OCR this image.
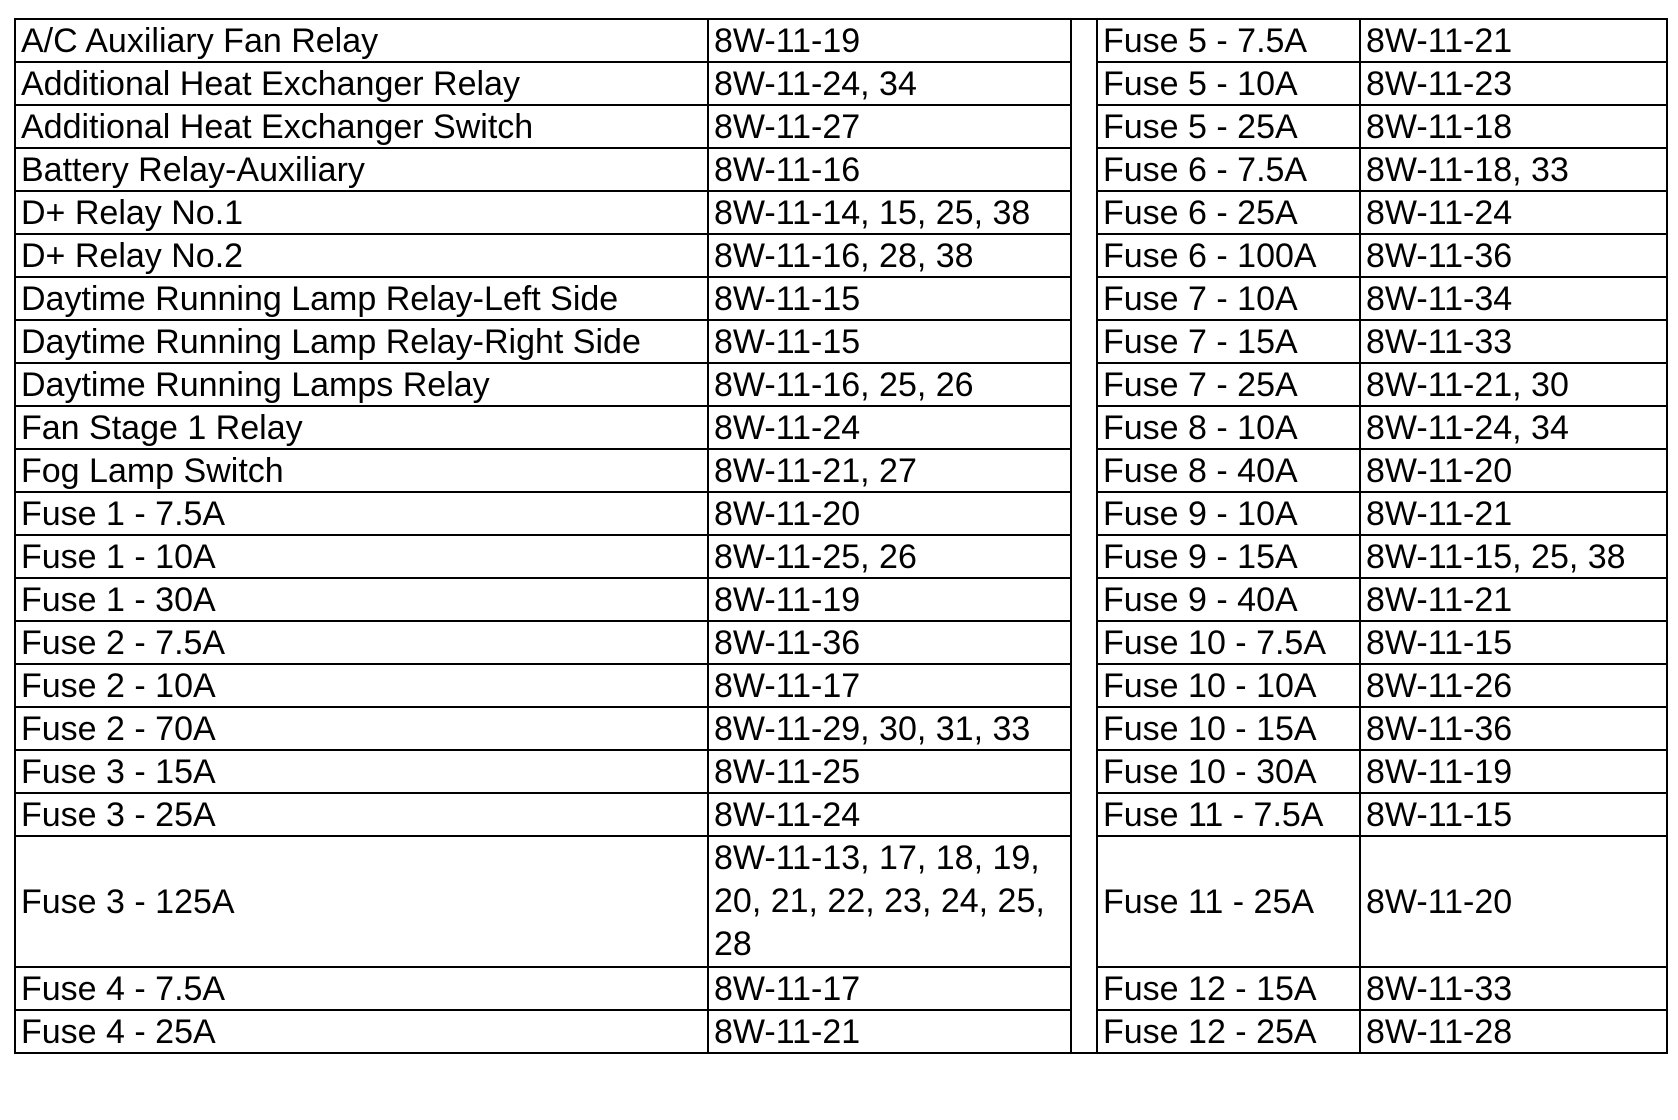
A/C Auxiliary Fan Relay	8W-11-19		Fuse 5 - 7.5A	8W-11-21
Additional Heat Exchanger Relay	8W-11-24, 34		Fuse 5 - 10A	8W-11-23
Additional Heat Exchanger Switch	8W-11-27		Fuse 5 - 25A	8W-11-18
Battery Relay-Auxiliary	8W-11-16		Fuse 6 - 7.5A	8W-11-18, 33
D+ Relay No.1	8W-11-14, 15, 25, 38		Fuse 6 - 25A	8W-11-24
D+ Relay No.2	8W-11-16, 28, 38		Fuse 6 - 100A	8W-11-36
Daytime Running Lamp Relay-Left Side	8W-11-15		Fuse 7 - 10A	8W-11-34
Daytime Running Lamp Relay-Right Side	8W-11-15		Fuse 7 - 15A	8W-11-33
Daytime Running Lamps Relay	8W-11-16, 25, 26		Fuse 7 - 25A	8W-11-21, 30
Fan Stage 1 Relay	8W-11-24		Fuse 8 - 10A	8W-11-24, 34
Fog Lamp Switch	8W-11-21, 27		Fuse 8 - 40A	8W-11-20
Fuse 1 - 7.5A	8W-11-20		Fuse 9 - 10A	8W-11-21
Fuse 1 - 10A	8W-11-25, 26		Fuse 9 - 15A	8W-11-15, 25, 38
Fuse 1 - 30A	8W-11-19		Fuse 9 - 40A	8W-11-21
Fuse 2 - 7.5A	8W-11-36		Fuse 10 - 7.5A	8W-11-15
Fuse 2 - 10A	8W-11-17		Fuse 10 - 10A	8W-11-26
Fuse 2 - 70A	8W-11-29, 30, 31, 33		Fuse 10 - 15A	8W-11-36
Fuse 3 - 15A	8W-11-25		Fuse 10 - 30A	8W-11-19
Fuse 3 - 25A	8W-11-24		Fuse 11 - 7.5A	8W-11-15
Fuse 3 - 125A	8W-11-13, 17, 18, 19, 20, 21, 22, 23, 24, 25, 28		Fuse 11 - 25A	8W-11-20
Fuse 4 - 7.5A	8W-11-17		Fuse 12 - 15A	8W-11-33
Fuse 4 - 25A	8W-11-21		Fuse 12 - 25A	8W-11-28
